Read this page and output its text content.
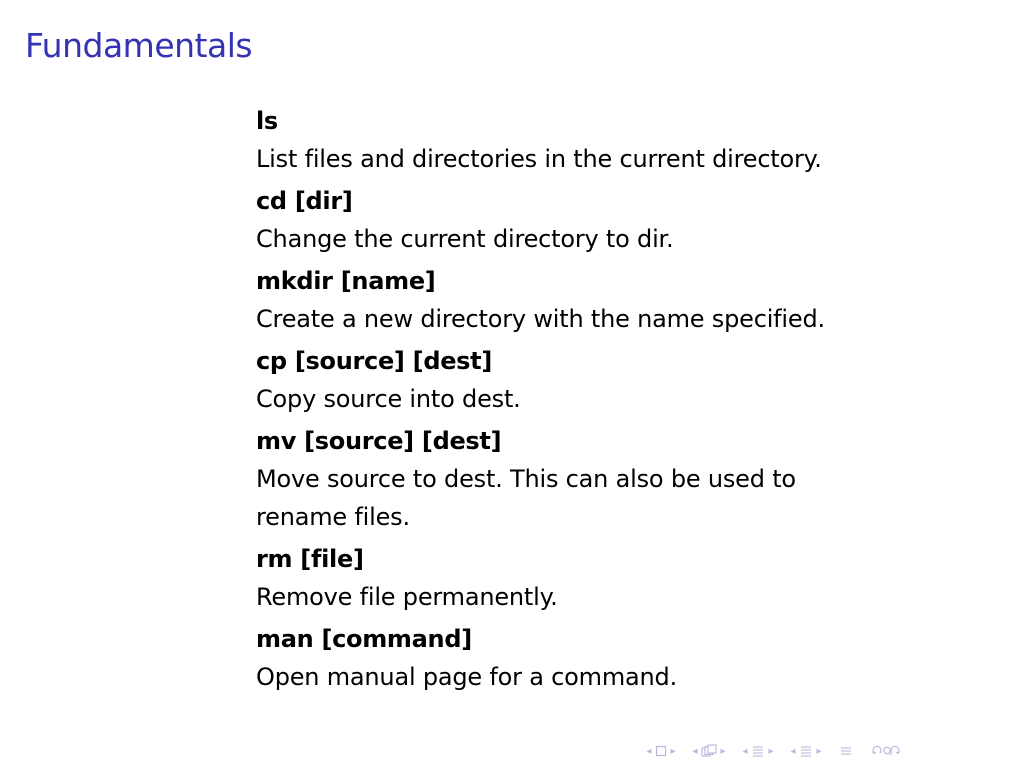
Fundamentals
ls
List files and directories in the current directory.
cd [dir]
Change the current directory to dir.
mkdir [name]
Create a new directory with the name specified.
cp [source] [dest]
Copy source into dest.
mv [source] [dest]
Move source to dest. This can also be used to rename files.
rm [file]
Remove file permanently.
man [command]
Open manual page for a command.
◂ ▸ ◂ ▸ ◂ ▸ ◂ ▸
